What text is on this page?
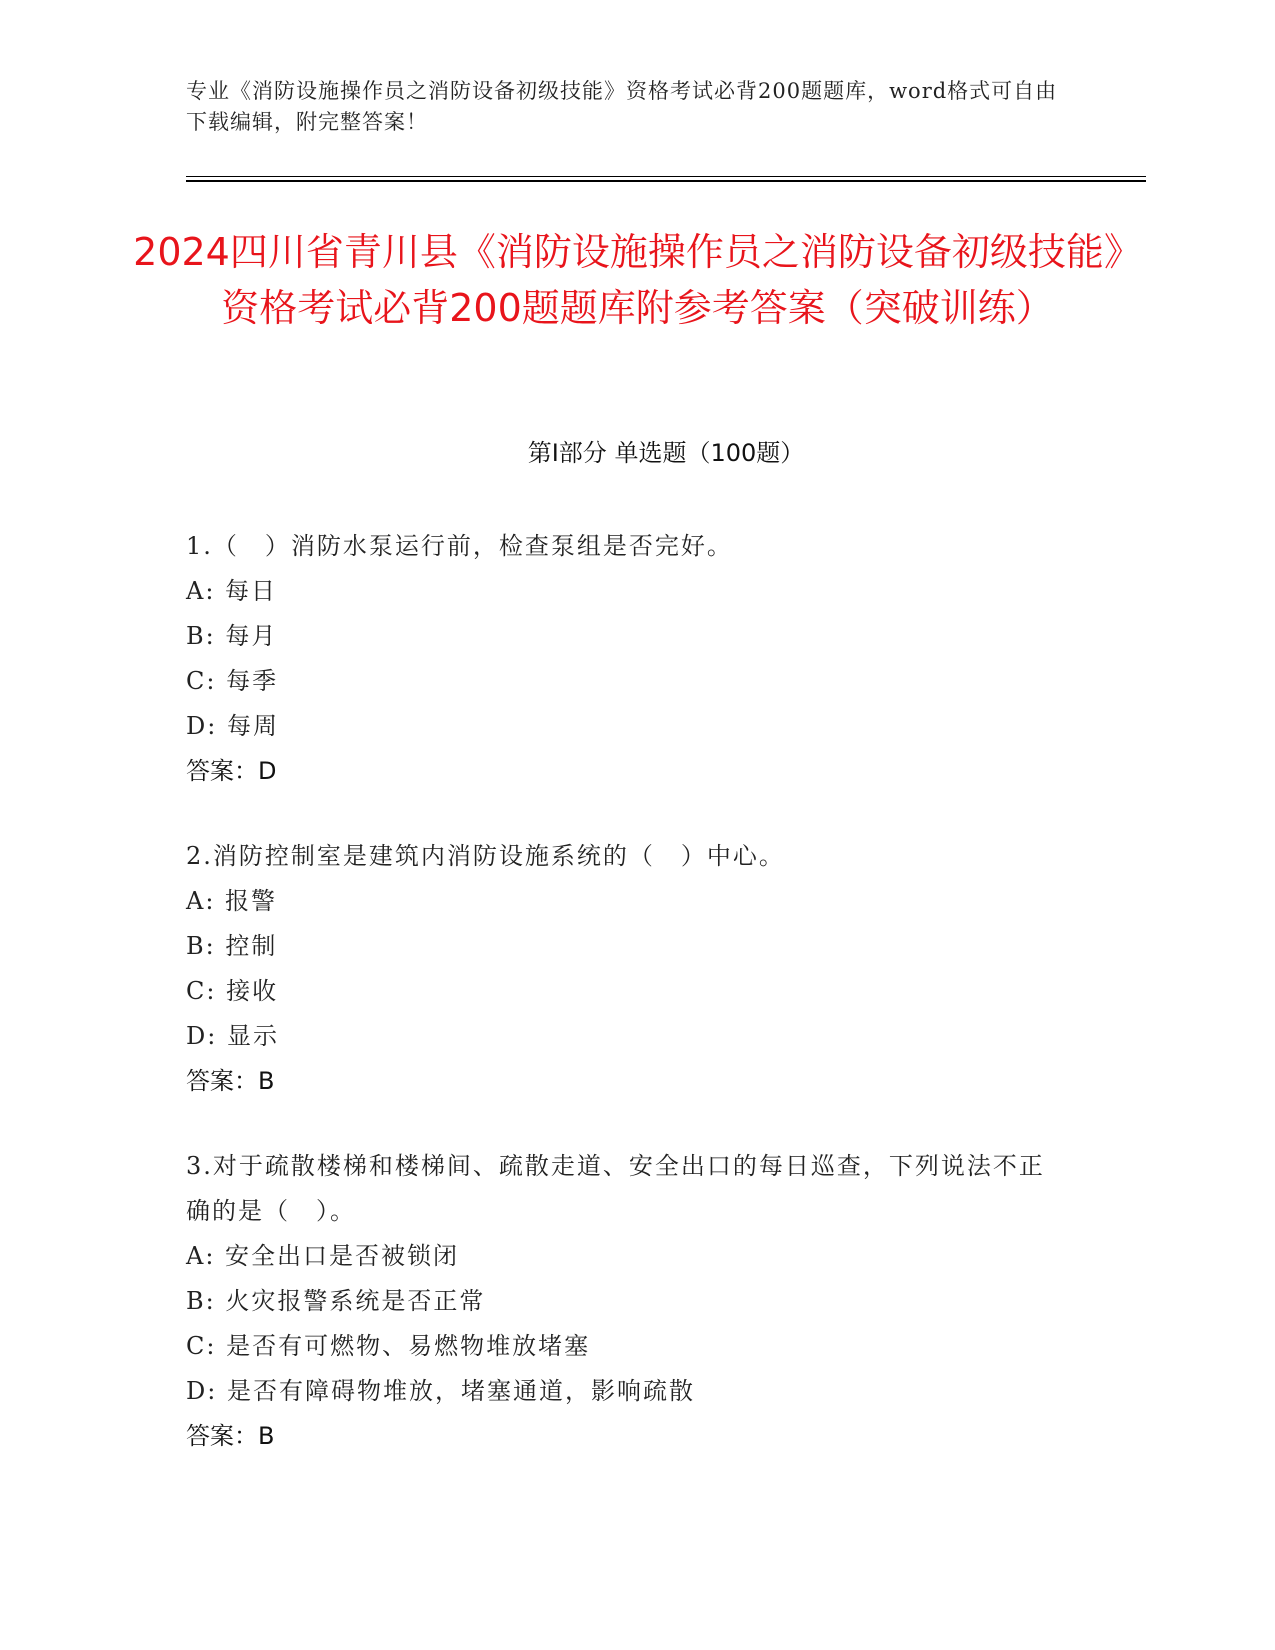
专业《消防设施操作员之消防设备初级技能》资格考试必背200题题库，word格式可自由下载编辑，附完整答案！
2024四川省青川县《消防设施操作员之消防设备初级技能》资格考试必背200题题库附参考答案（突破训练）
第Ⅰ部分 单选题（100题）
1.（　）消防水泵运行前，检查泵组是否完好。
A: 每日
B: 每月
C: 每季
D: 每周
答案：D
2.消防控制室是建筑内消防设施系统的（　）中心。
A: 报警
B: 控制
C: 接收
D: 显示
答案：B
3.对于疏散楼梯和楼梯间、疏散走道、安全出口的每日巡查，下列说法不正确的是（　）。
A: 安全出口是否被锁闭
B: 火灾报警系统是否正常
C: 是否有可燃物、易燃物堆放堵塞
D: 是否有障碍物堆放，堵塞通道，影响疏散
答案：B
